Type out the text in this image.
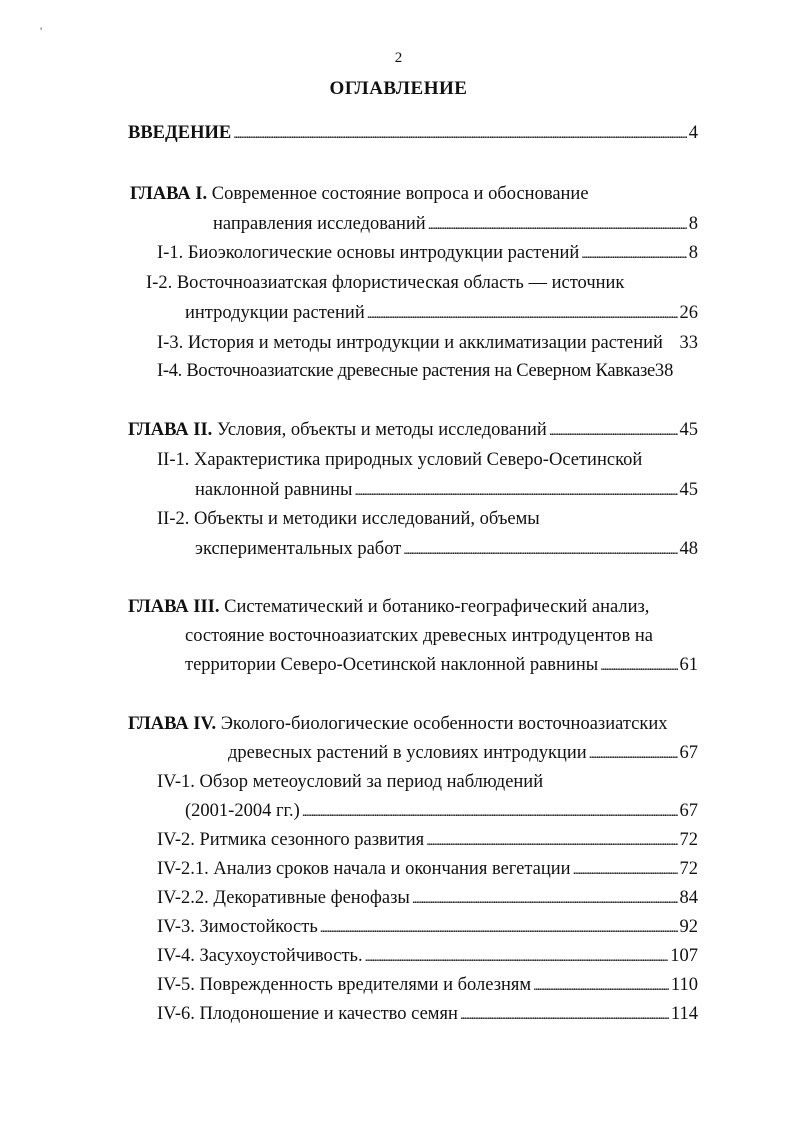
'
2
ОГЛАВЛЕНИЕ
ВВЕДЕНИЕ . . .	4
ГЛАВА I. Современное состояние вопроса и обоснование
направления исследований . . .	8
I-1. Биоэкологические основы интродукции растений . . .	8
I-2. Восточноазиатская флористическая область — источник
интродукции растений . . .	26
I-3. История и методы интродукции и акклиматизации растений 33
I-4. Восточноазиатские древесные растения на Северном Кавказе 38
ГЛАВА II. Условия, объекты и методы исследований . . .	45
II-1. Характеристика природных условий Северо-Осетинской
наклонной равнины . . .	45
II-2. Объекты и методики исследований, объемы
экспериментальных работ . . .	48
ГЛАВА III. Систематический и ботанико-географический анализ,
состояние восточноазиатских древесных интродуцентов на
территории Северо-Осетинской наклонной равнины . . .	61
ГЛАВА IV. Эколого-биологические особенности восточноазиатских
древесных растений в условиях интродукции . . .	67
IV-1. Обзор метеоусловий за период наблюдений
(2001-2004 гг.) . . .	67
IV-2. Ритмика сезонного развития . . .	72
IV-2.1. Анализ сроков начала и окончания вегетации . . .	72
IV-2.2. Декоративные фенофазы . . .	84
IV-3. Зимостойкость . . .	92
IV-4. Засухоустойчивость. . . .	107
IV-5. Поврежденность вредителями и болезням . . .	110
IV-6. Плодоношение и качество семян . . .	114
